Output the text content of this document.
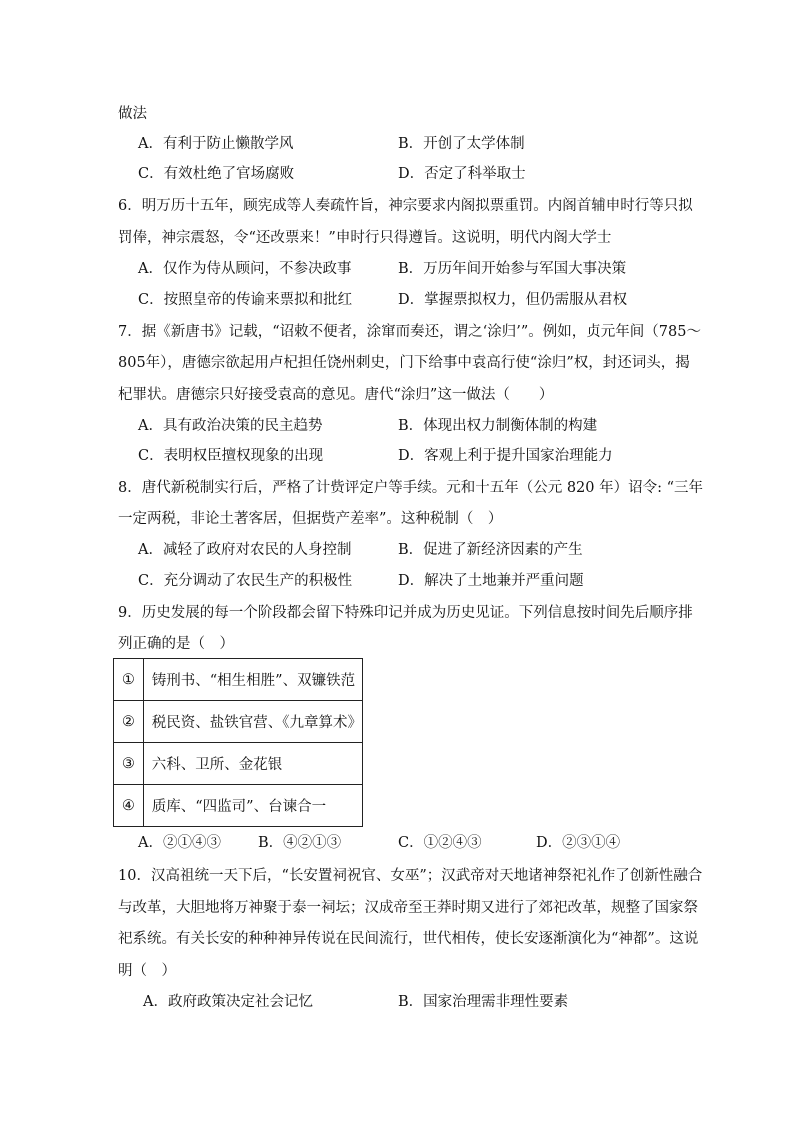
做法
A．有利于防止懒散学风	B．开创了太学体制
C．有效杜绝了官场腐败	D．否定了科举取士
6．明万历十五年，顾宪成等人奏疏忤旨，神宗要求内阁拟票重罚。内阁首辅申时行等只拟
罚俸，神宗震怒，令“还改票来！”申时行只得遵旨。这说明，明代内阁大学士
A．仅作为侍从顾问，不参决政事	B．万历年间开始参与军国大事决策
C．按照皇帝的传谕来票拟和批红	D．掌握票拟权力，但仍需服从君权
7．据《新唐书》记载，“诏敕不便者，涂窜而奏还，谓之‘涂归’”。例如，贞元年间（785～
805年），唐德宗欲起用卢杞担任饶州刺史，门下给事中袁高行使“涂归”权，封还词头，揭
杞罪状。唐德宗只好接受袁高的意见。唐代“涂归”这一做法（　　）
A．具有政治决策的民主趋势	B．体现出权力制衡体制的构建
C．表明权臣擅权现象的出现	D．客观上利于提升国家治理能力
8．唐代新税制实行后，严格了计赀评定户等手续。元和十五年（公元 820 年）诏令: “三年
一定两税，非论土著客居，但据赀产差率”。这种税制（　）
A．减轻了政府对农民的人身控制	B．促进了新经济因素的产生
C．充分调动了农民生产的积极性	D．解决了土地兼并严重问题
9．历史发展的每一个阶段都会留下特殊印记并成为历史见证。下列信息按时间先后顺序排
列正确的是（　）
①	铸刑书、“相生相胜”、双镰铁范
②	税民资、盐铁官营、《九章算术》
③	六科、卫所、金花银
④	质库、“四监司”、台谏合一
A．②①④③	B．④②①③	C．①②④③	D．②③①④
10．汉高祖统一天下后，“长安置祠祝官、女巫”；汉武帝对天地诸神祭祀礼作了创新性融合
与改革，大胆地将万神聚于泰一祠坛；汉成帝至王莽时期又进行了郊祀改革，规整了国家祭
祀系统。有关长安的种种神异传说在民间流行，世代相传，使长安逐渐演化为“神都”。这说
明（　）
A．政府政策决定社会记忆	B．国家治理需非理性要素
